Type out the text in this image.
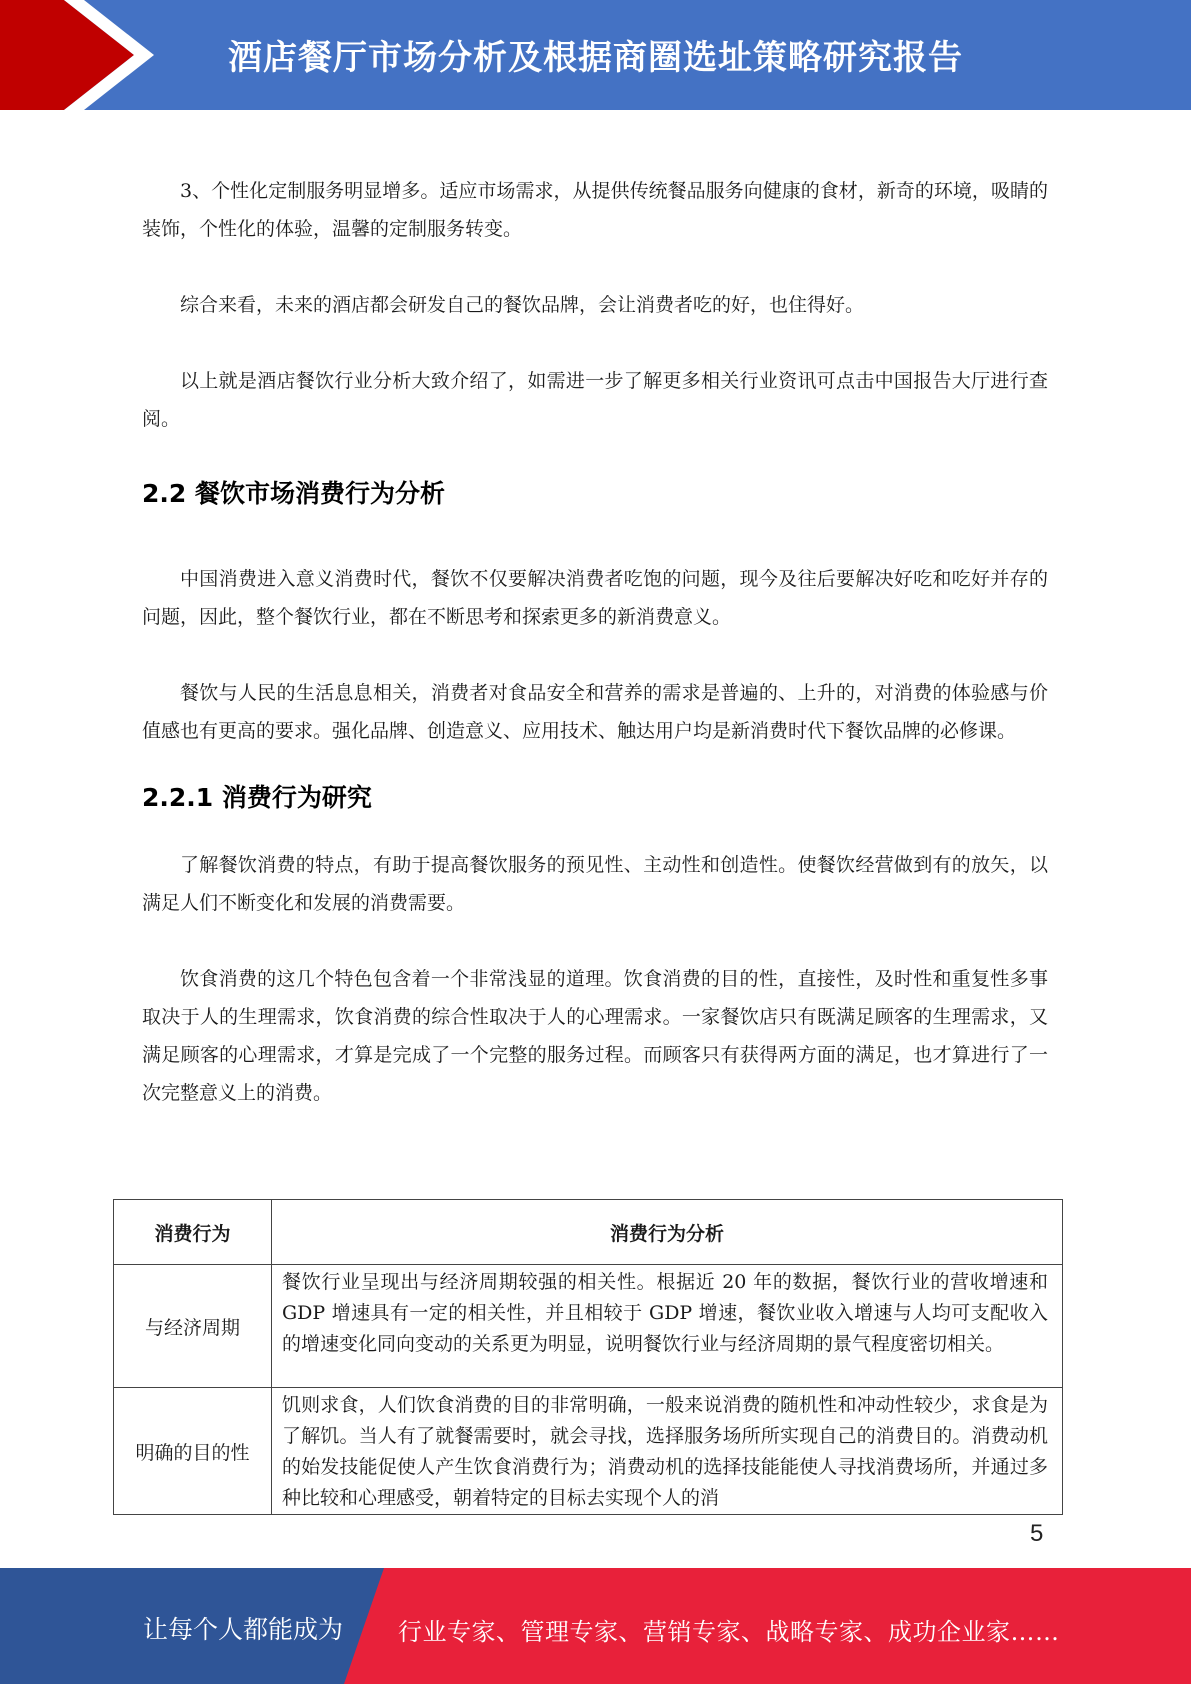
酒店餐厅市场分析及根据商圈选址策略研究报告

3、个性化定制服务明显增多。适应市场需求，从提供传统餐品服务向健康的食材，新奇的环境，吸睛的装饰，个性化的体验，温馨的定制服务转变。

综合来看，未来的酒店都会研发自己的餐饮品牌，会让消费者吃的好，也住得好。

以上就是酒店餐饮行业分析大致介绍了，如需进一步了解更多相关行业资讯可点击中国报告大厅进行查阅。

2.2 餐饮市场消费行为分析

中国消费进入意义消费时代，餐饮不仅要解决消费者吃饱的问题，现今及往后要解决好吃和吃好并存的问题，因此，整个餐饮行业，都在不断思考和探索更多的新消费意义。

餐饮与人民的生活息息相关，消费者对食品安全和营养的需求是普遍的、上升的，对消费的体验感与价值感也有更高的要求。强化品牌、创造意义、应用技术、触达用户均是新消费时代下餐饮品牌的必修课。

2.2.1 消费行为研究

了解餐饮消费的特点，有助于提高餐饮服务的预见性、主动性和创造性。使餐饮经营做到有的放矢，以满足人们不断变化和发展的消费需要。

饮食消费的这几个特色包含着一个非常浅显的道理。饮食消费的目的性，直接性，及时性和重复性多事取决于人的生理需求，饮食消费的综合性取决于人的心理需求。一家餐饮店只有既满足顾客的生理需求，又满足顾客的心理需求，才算是完成了一个完整的服务过程。而顾客只有获得两方面的满足，也才算进行了一次完整意义上的消费。

消费行为	消费行为分析
与经济周期	餐饮行业呈现出与经济周期较强的相关性。根据近 20 年的数据，餐饮行业的营收增速和 GDP 增速具有一定的相关性，并且相较于 GDP 增速，餐饮业收入增速与人均可支配收入的增速变化同向变动的关系更为明显，说明餐饮行业与经济周期的景气程度密切相关。
明确的目的性	饥则求食，人们饮食消费的目的非常明确，一般来说消费的随机性和冲动性较少，求食是为了解饥。当人有了就餐需要时，就会寻找，选择服务场所所实现自己的消费目的。消费动机的始发技能促使人产生饮食消费行为；消费动机的选择技能能使人寻找消费场所，并通过多种比较和心理感受，朝着特定的目标去实现个人的消
5
让每个人都能成为 行业专家、管理专家、营销专家、战略专家、成功企业家……
